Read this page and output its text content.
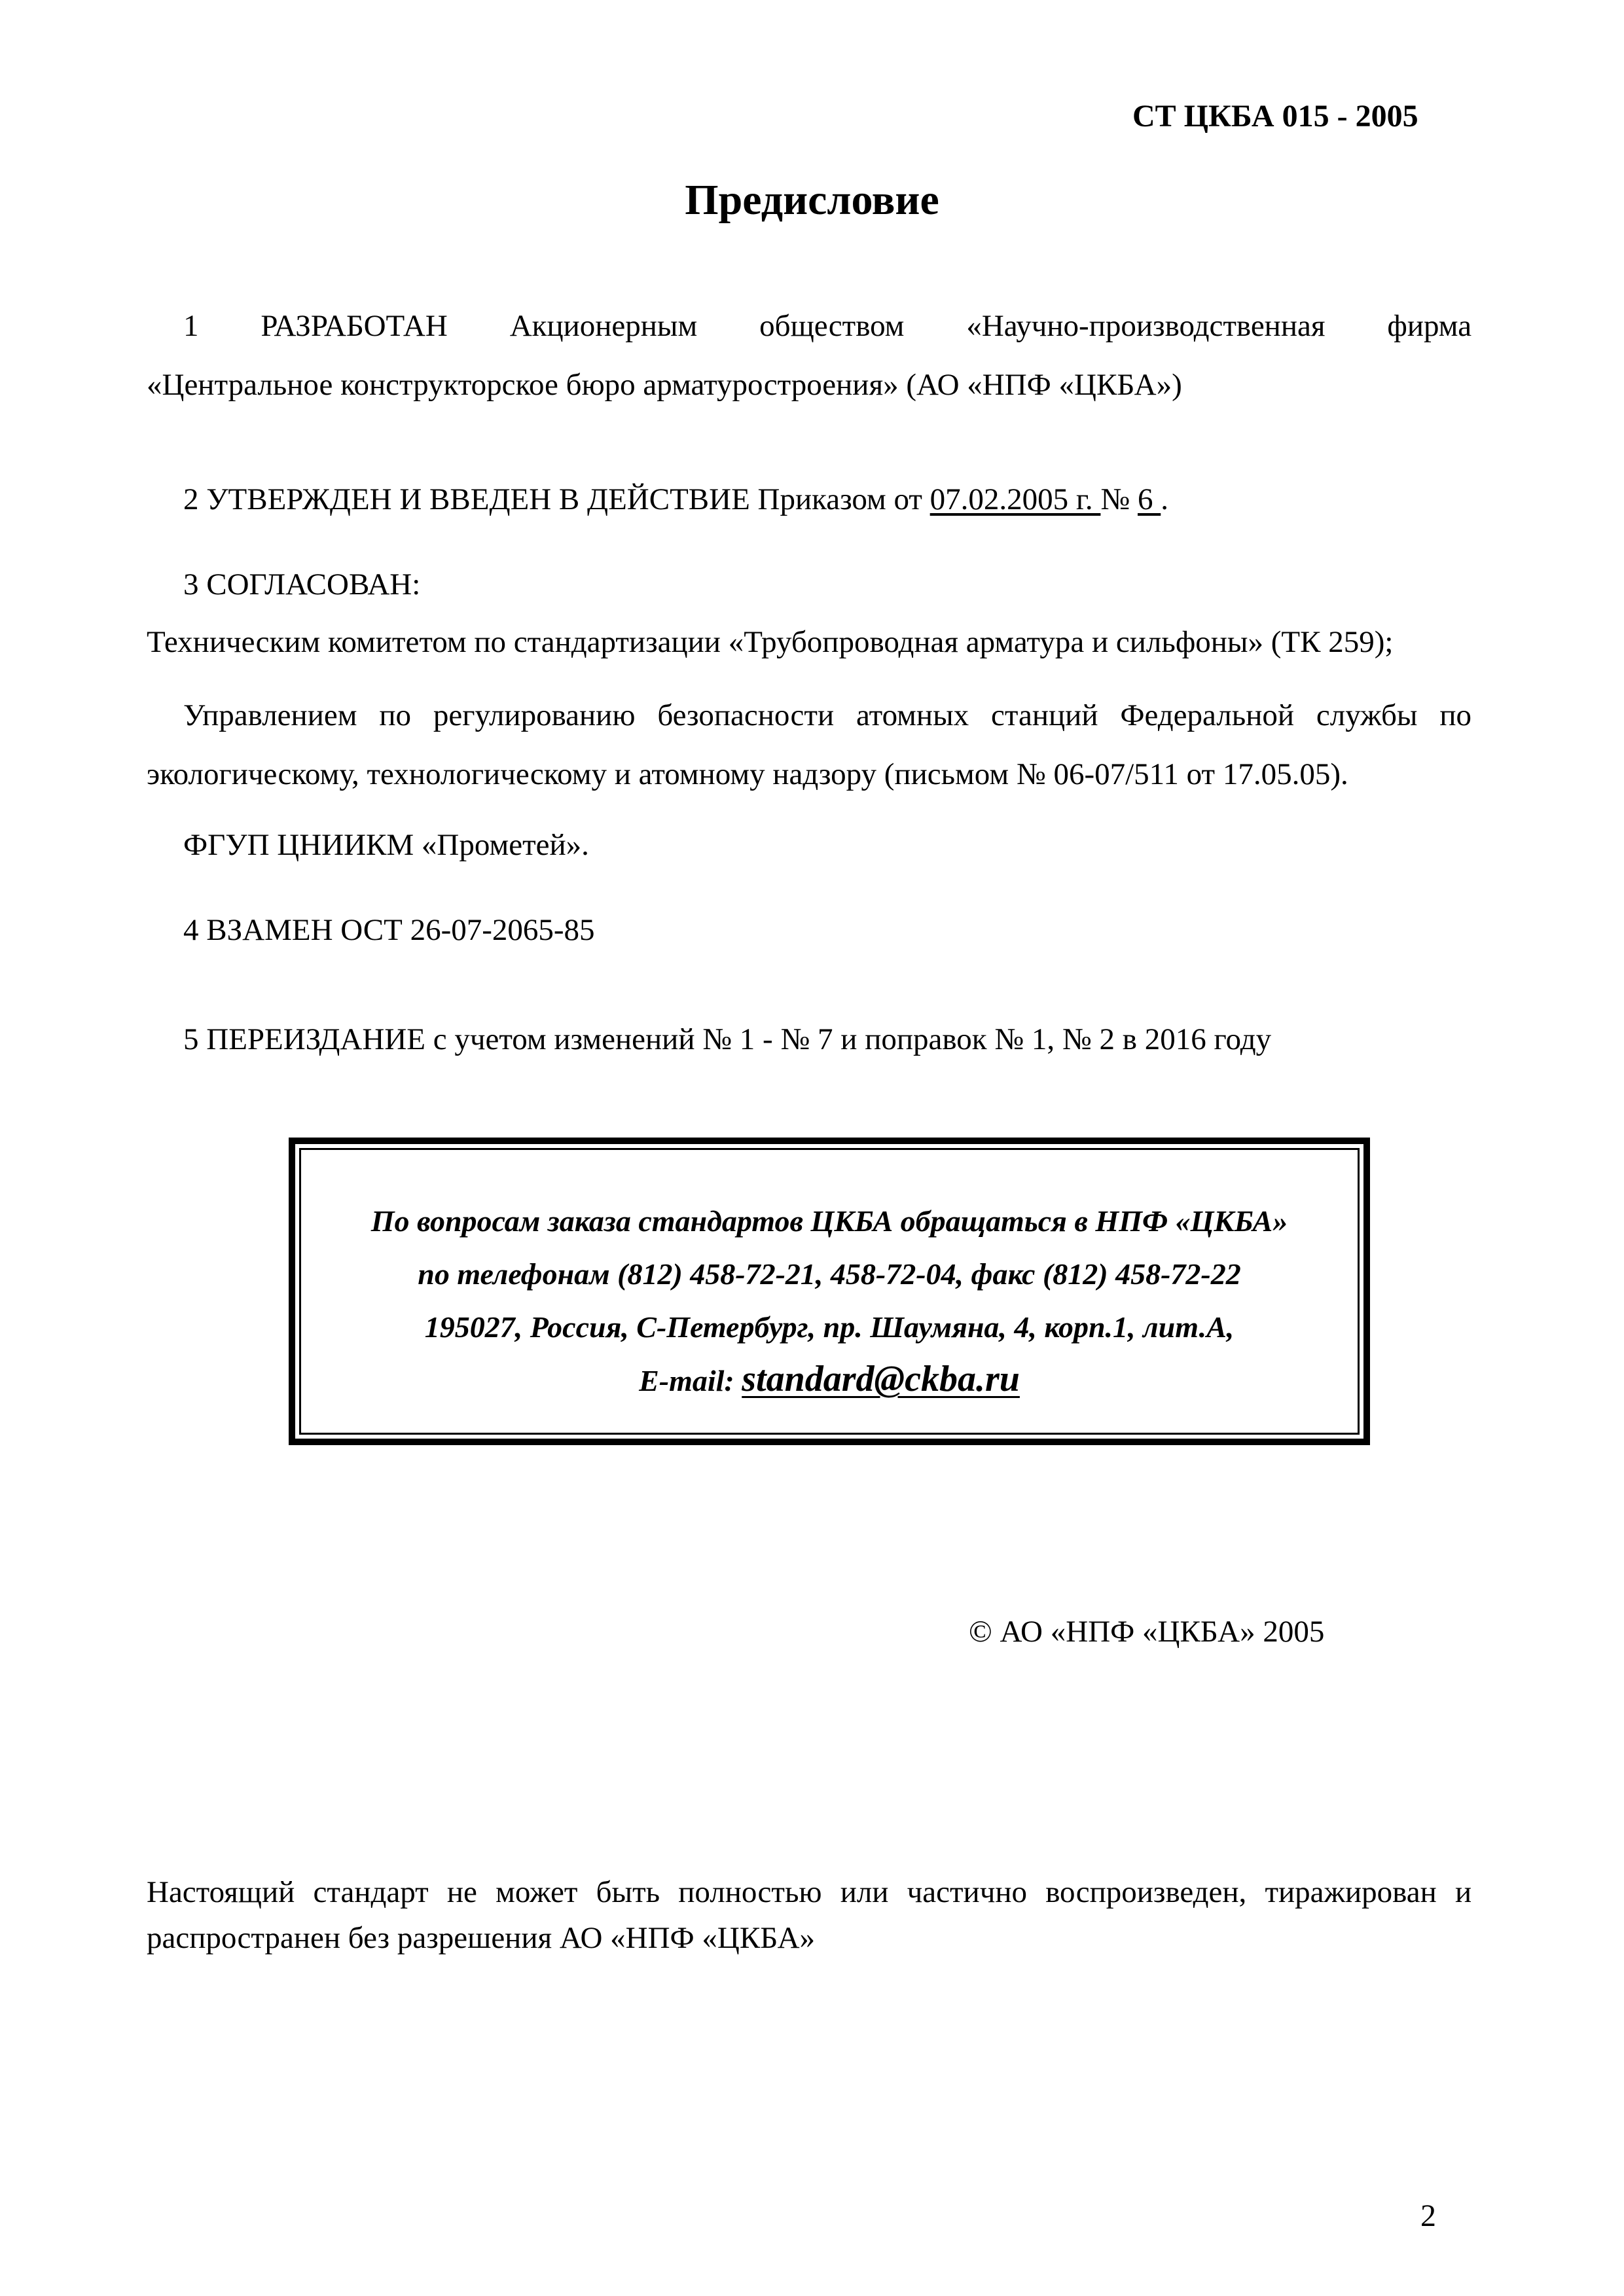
СТ ЦКБА 015 - 2005
Предисловие
1 РАЗРАБОТАН Акционерным обществом «Научно-производственная фирма
«Центральное конструкторское бюро арматуростроения» (АО «НПФ «ЦКБА»)
2 УТВЕРЖДЕН И ВВЕДЕН В ДЕЙСТВИЕ Приказом от 07.02.2005 г. № 6 .
3 СОГЛАСОВАН:
Техническим комитетом по стандартизации «Трубопроводная арматура и сильфоны» (ТК 259);
Управлением по регулированию безопасности атомных станций Федеральной службы по
экологическому, технологическому и атомному надзору (письмом № 06-07/511 от 17.05.05).
ФГУП ЦНИИКМ «Прометей».
4 ВЗАМЕН ОСТ 26-07-2065-85
5 ПЕРЕИЗДАНИЕ с учетом изменений № 1 - № 7 и поправок № 1, № 2 в 2016 году
По вопросам заказа стандартов ЦКБА обращаться в НПФ «ЦКБА»
по телефонам (812) 458-72-21, 458-72-04, факс (812) 458-72-22
195027, Россия, С-Петербург, пр. Шаумяна, 4, корп.1, лит.А,
E-mail: standard@ckba.ru
© АО «НПФ «ЦКБА» 2005
Настоящий стандарт не может быть полностью или частично воспроизведен, тиражирован и
распространен без разрешения АО «НПФ «ЦКБА»
2
